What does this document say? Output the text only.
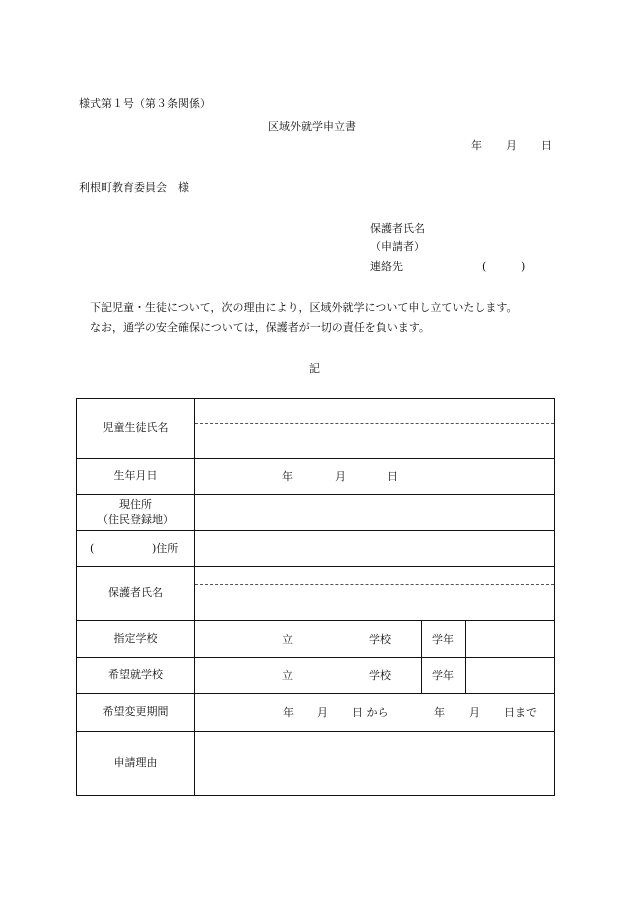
様式第１号（第３条関係）
区域外就学申立書
年 月 日
利根町教育委員会　様
保護者氏名
（申請者）
連絡先	(	)
下記児童・生徒について，次の理由により，区域外就学について申し立ていたします。
なお，通学の安全確保については，保護者が一切の責任を負います。
記
児童生徒氏名
生年月日	年	月	日
現住所
（住民登録地）
(	)住所
保護者氏名
指定学校	立	学校	学年
希望就学校	立	学校	学年
希望変更期間	年 月 日 から	年 月 日まで
申請理由
